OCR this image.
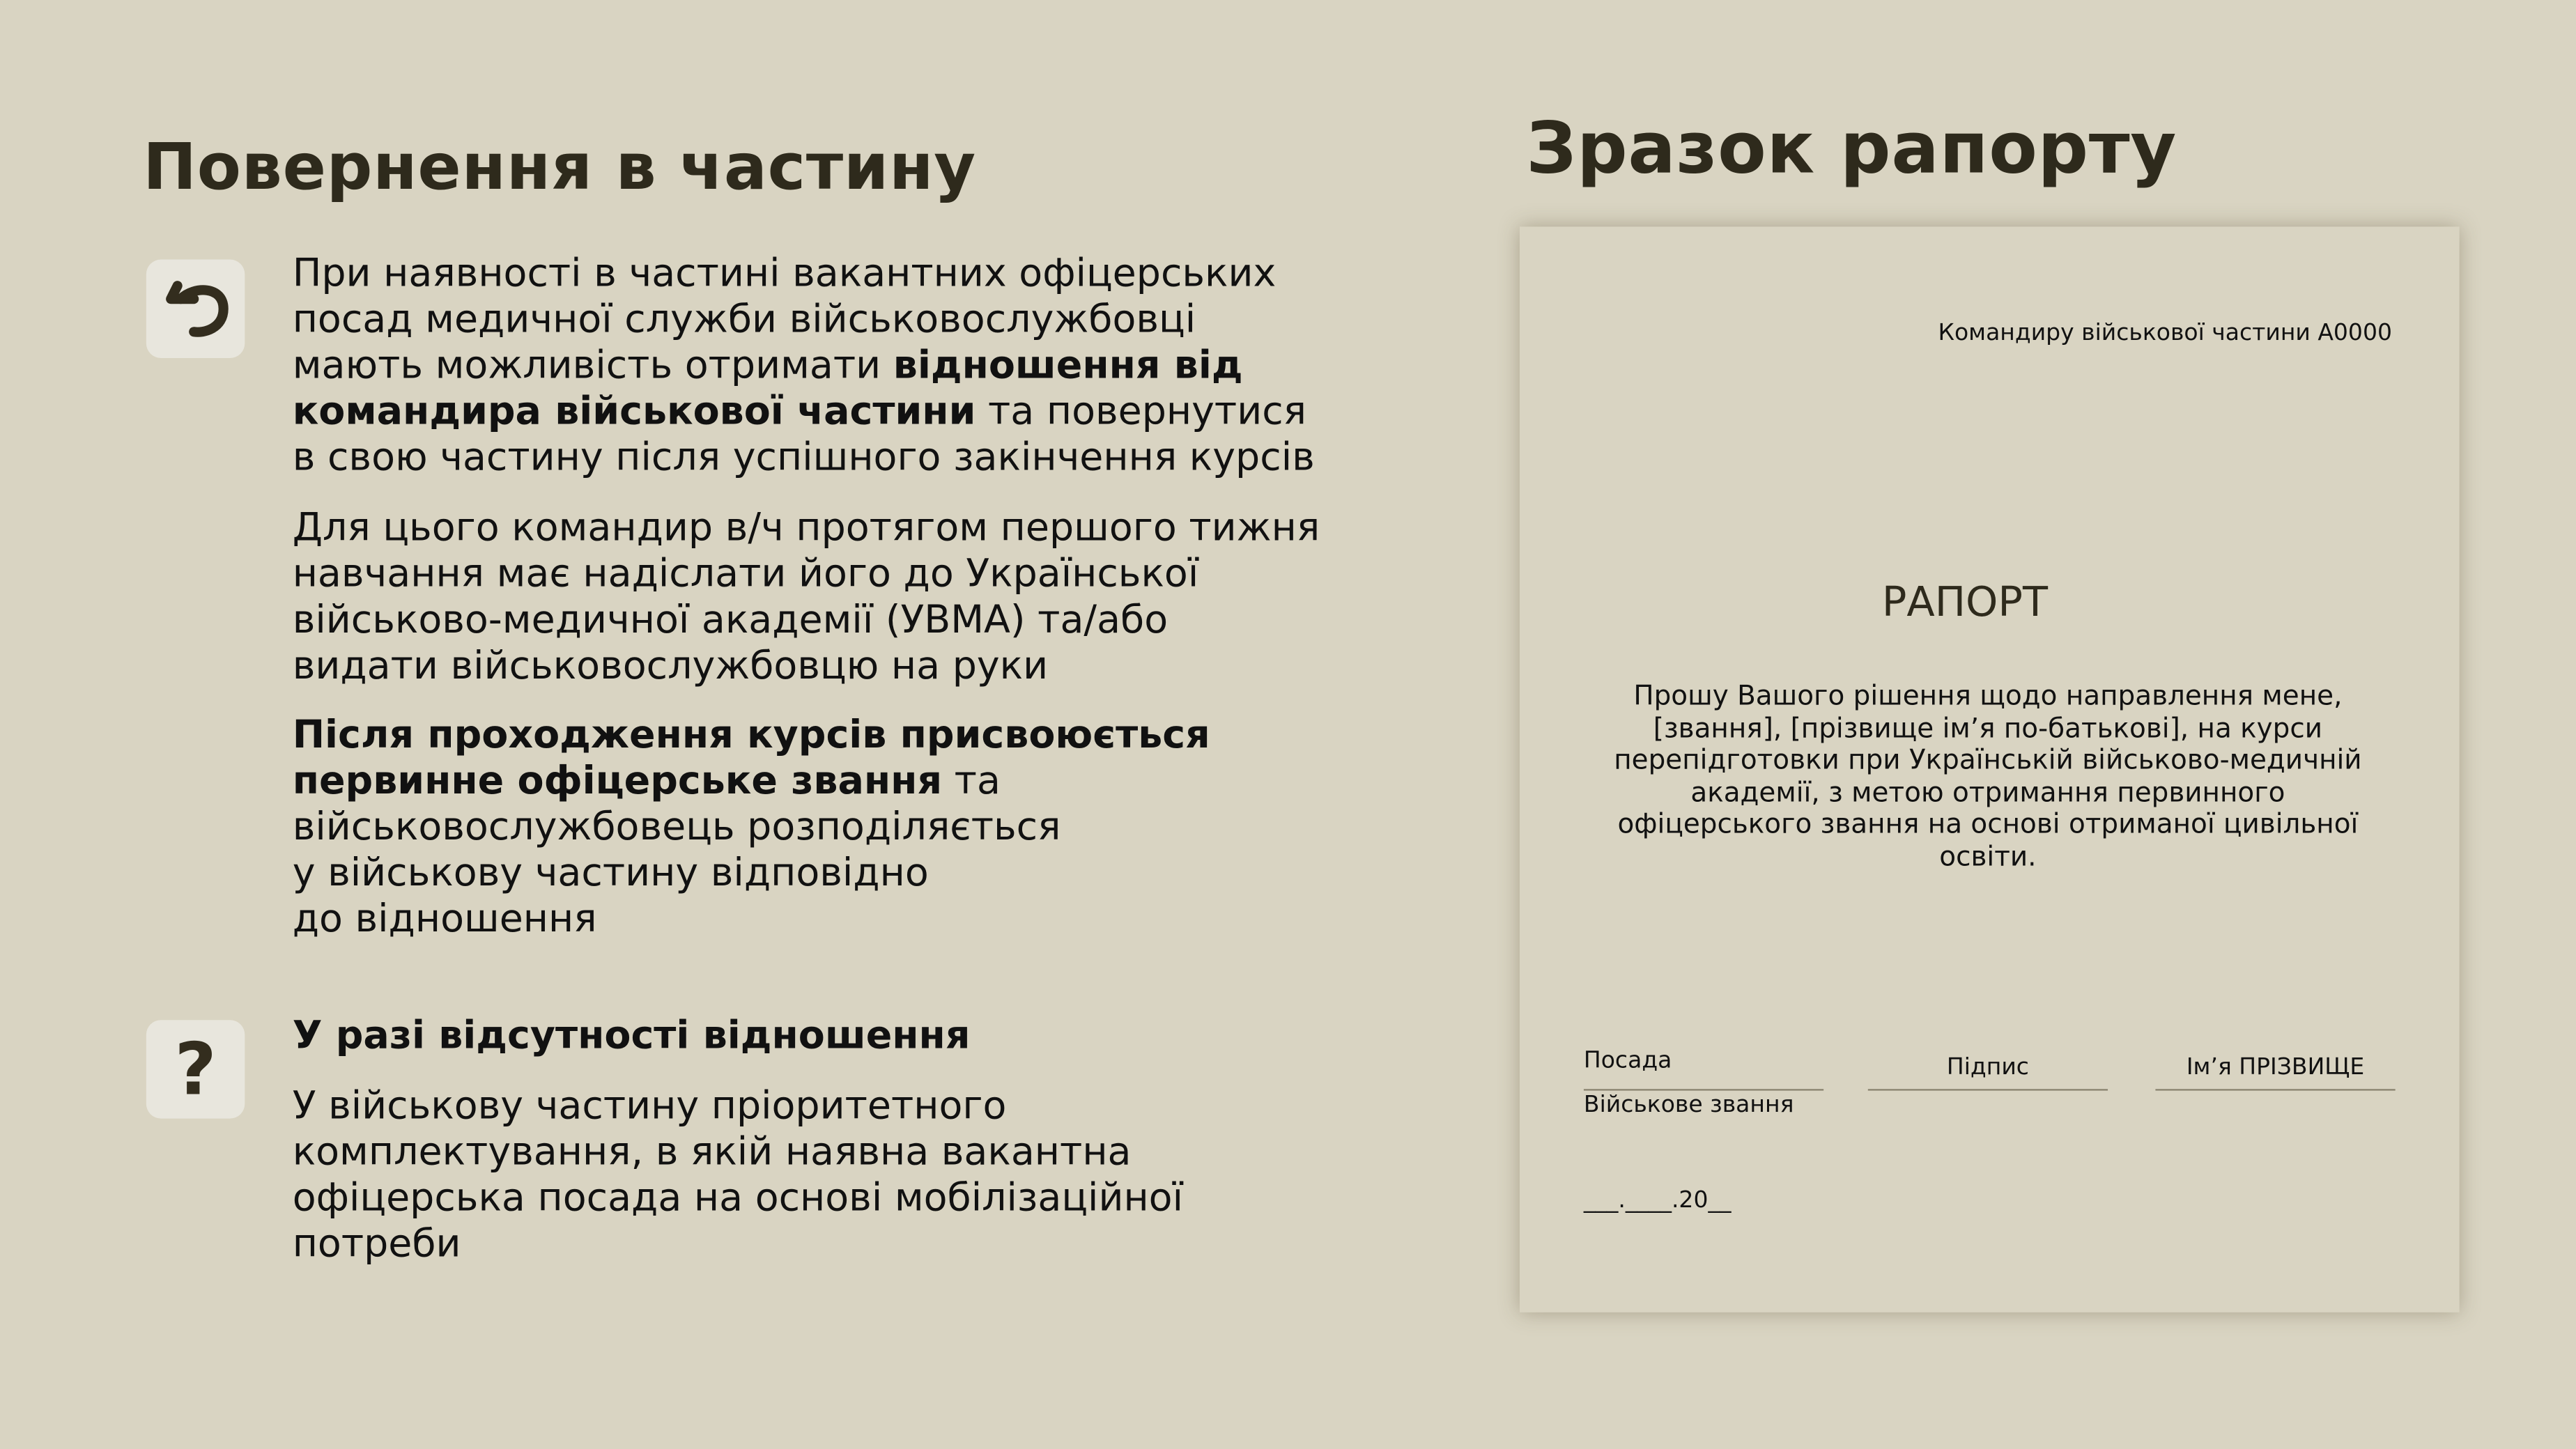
Повернення в частину
При наявності в частині вакантних офіцерських
посад медичної служби військовослужбовці
мають можливість отримати відношення від
командира військової частини та повернутися
в свою частину після успішного закінчення курсів
Для цього командир в/ч протягом першого тижня
навчання має надіслати його до Української
військово-медичної академії (УВМА) та/або
видати військовослужбовцю на руки
Після проходження курсів присвоюється
первинне офіцерське звання та
військовослужбовець розподіляється
у військову частину відповідно
до відношення
?	У разі відсутності відношення
У військову частину пріоритетного
комплектування, в якій наявна вакантна
офіцерська посада на основі мобілізаційної
потреби
Зразок рапорту
Командиру військової частини А0000
РАПОРТ
Прошу Вашого рішення щодо направлення мене,
[звання], [прізвище імʼя по-батькові], на курси
перепідготовки при Українській військово-медичній
академії, з метою отримання первинного
офіцерського звання на основі отриманої цивільної
освіти.
Посада
Військове звання
Підпис	Імʼя ПРІЗВИЩЕ
___.____.20__
